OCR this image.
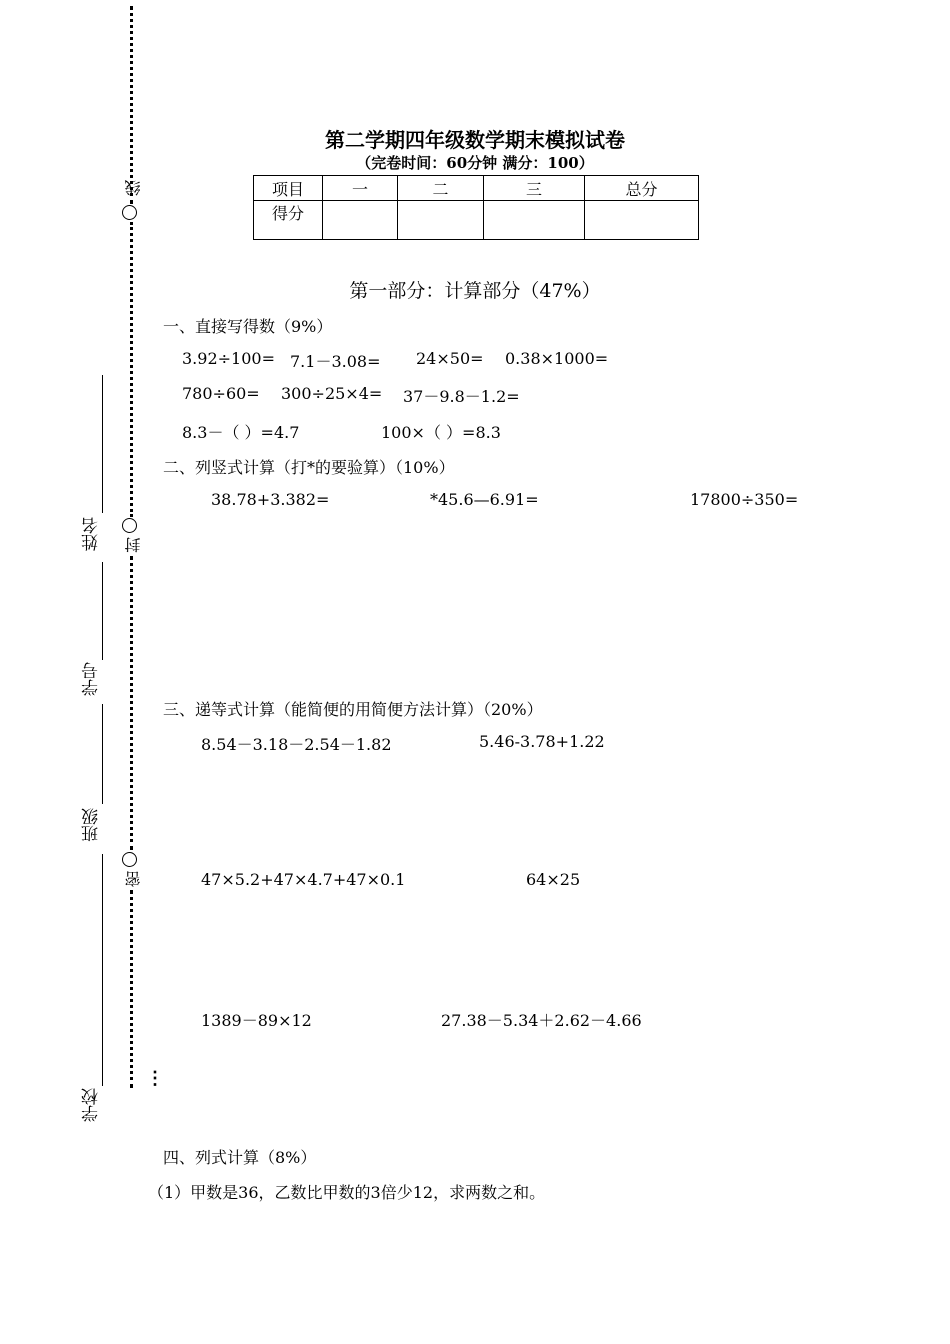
线
封
密
⋮
姓名
学号
班级
学校
第二学期四年级数学期末模拟试卷
（完卷时间：60分钟 满分：100）
项目	一	二	三	总分
得分				
第一部分：计算部分（47%）
一、直接写得数（9%）
3.92÷100= 7.1－3.08= 24×50= 0.38×1000=
780÷60= 300÷25×4= 37－9.8－1.2=
8.3－（ ）=4.7	100×（ ）=8.3
二、列竖式计算（打*的要验算）（10%）
38.78+3.382=	*45.6—6.91=	17800÷350=
三、递等式计算（能简便的用简便方法计算）（20%）
8.54－3.18－2.54－1.82	5.46-3.78+1.22
47×5.2+47×4.7+47×0.1	64×25
1389－89×12	27.38－5.34＋2.62－4.66
四、列式计算（8%）
（1）甲数是36，乙数比甲数的3倍少12，求两数之和。
